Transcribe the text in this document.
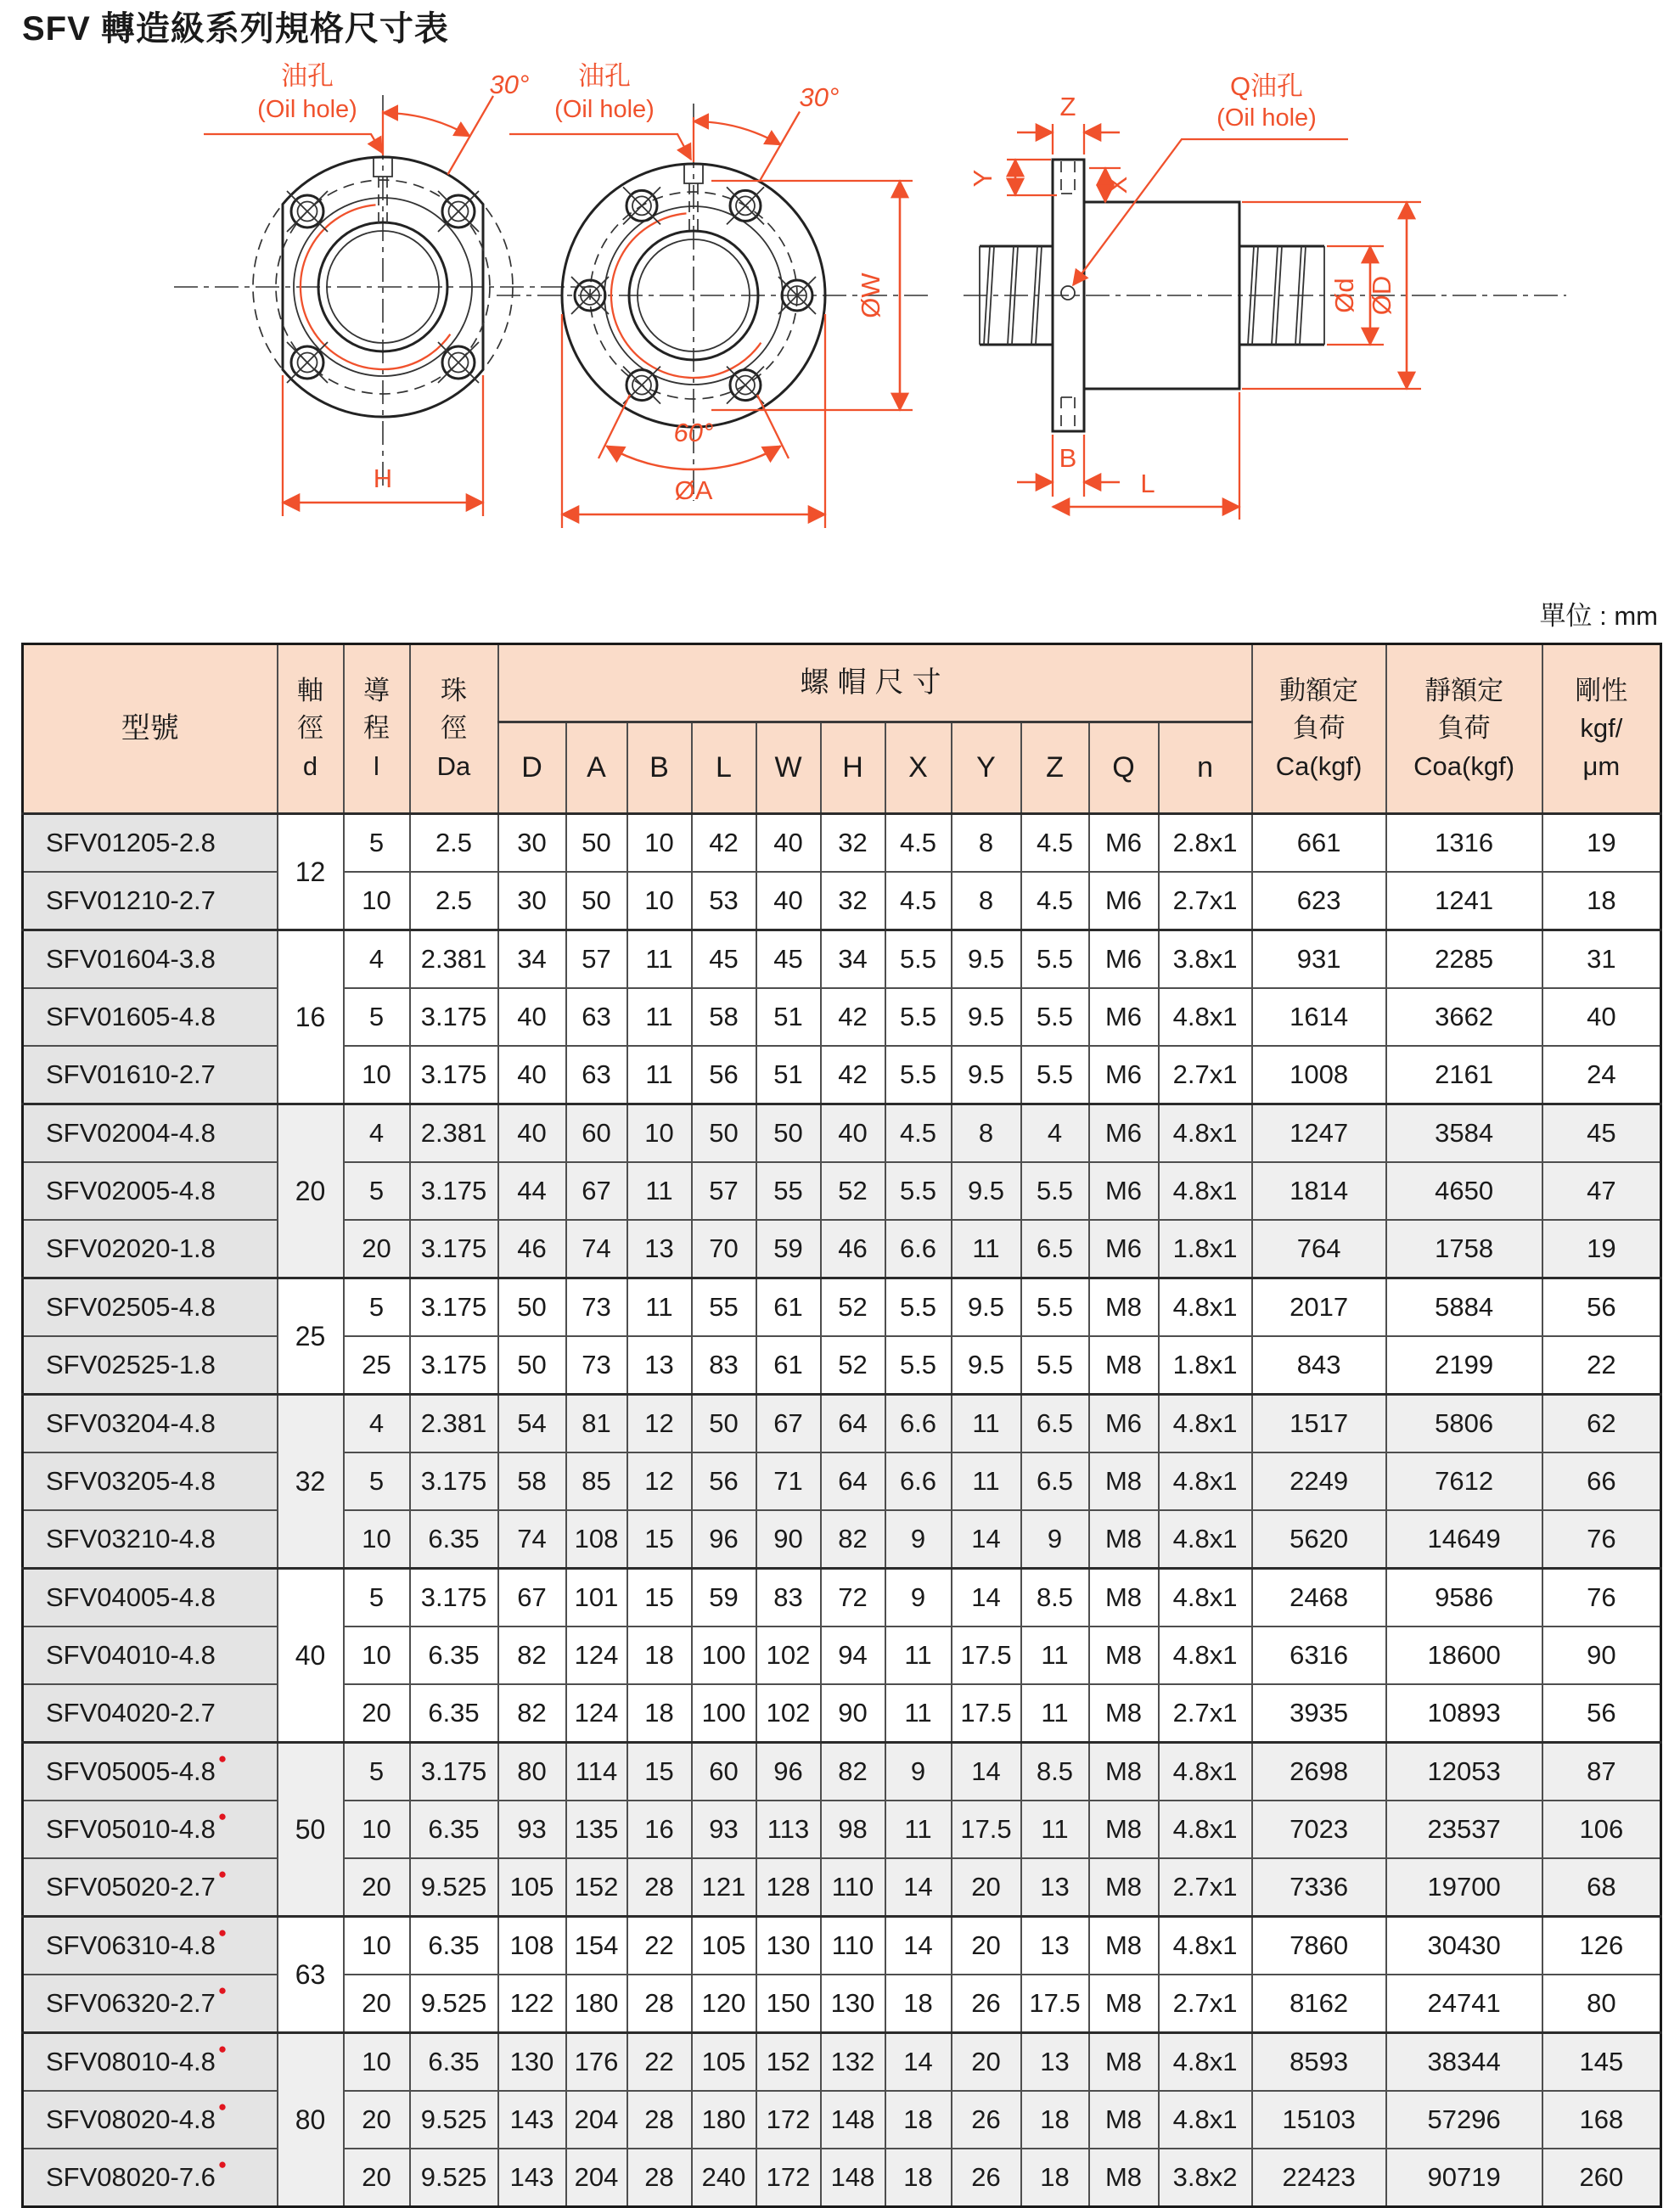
SFV 轉造級系列規格尺寸表
油孔
(Oil hole)
30°
H
油孔
(Oil hole)	30°
ØW
60°
ØA
Q油孔
(Oil hole)
Z
Y	X
Ød ØD
B
L
單位 : mm
型號	
軸
徑
d

導
程
l

珠
徑
Da
	螺帽尺寸	動額定
負荷
Ca(kgf)

靜額定
負荷
Coa(kgf)

剛性
kgf/
μm

				D	A	B	L	W	H	X	Y	Z	Q	n			
SFV01205-2.8	12	5	2.5	30	50	10	42	40	32	4.5	8	4.5	M6	2.8x1	661	1316	19
SFV01210-2.7		10	2.5	30	50	10	53	40	32	4.5	8	4.5	M6	2.7x1	623	1241	18
SFV01604-3.8	16	4	2.381	34	57	11	45	45	34	5.5	9.5	5.5	M6	3.8x1	931	2285	31
SFV01605-4.8		5	3.175	40	63	11	58	51	42	5.5	9.5	5.5	M6	4.8x1	1614	3662	40
SFV01610-2.7		10	3.175	40	63	11	56	51	42	5.5	9.5	5.5	M6	2.7x1	1008	2161	24
SFV02004-4.8	20	4	2.381	40	60	10	50	50	40	4.5	8	4	M6	4.8x1	1247	3584	45
SFV02005-4.8		5	3.175	44	67	11	57	55	52	5.5	9.5	5.5	M6	4.8x1	1814	4650	47
SFV02020-1.8		20	3.175	46	74	13	70	59	46	6.6	11	6.5	M6	1.8x1	764	1758	19
SFV02505-4.8	25	5	3.175	50	73	11	55	61	52	5.5	9.5	5.5	M8	4.8x1	2017	5884	56
SFV02525-1.8		25	3.175	50	73	13	83	61	52	5.5	9.5	5.5	M8	1.8x1	843	2199	22
SFV03204-4.8	32	4	2.381	54	81	12	50	67	64	6.6	11	6.5	M6	4.8x1	1517	5806	62
SFV03205-4.8		5	3.175	58	85	12	56	71	64	6.6	11	6.5	M8	4.8x1	2249	7612	66
SFV03210-4.8		10	6.35	74	108	15	96	90	82	9	14	9	M8	4.8x1	5620	14649	76
SFV04005-4.8	40	5	3.175	67	101	15	59	83	72	9	14	8.5	M8	4.8x1	2468	9586	76
SFV04010-4.8		10	6.35	82	124	18	100	102	94	11	17.5	11	M8	4.8x1	6316	18600	90
SFV04020-2.7		20	6.35	82	124	18	100	102	90	11	17.5	11	M8	2.7x1	3935	10893	56
SFV05005-4.8 ●	50	5	3.175	80	114	15	60	96	82	9	14	8.5	M8	4.8x1	2698	12053	87
SFV05010-4.8 ●		10	6.35	93	135	16	93	113	98	11	17.5	11	M8	4.8x1	7023	23537	106
SFV05020-2.7 ●		20	9.525	105	152	28	121	128	110	14	20	13	M8	2.7x1	7336	19700	68
SFV06310-4.8 ●	63	10	6.35	108	154	22	105	130	110	14	20	13	M8	4.8x1	7860	30430	126
SFV06320-2.7 ●		20	9.525	122	180	28	120	150	130	18	26	17.5	M8	2.7x1	8162	24741	80
SFV08010-4.8 ●	80	10	6.35	130	176	22	105	152	132	14	20	13	M8	4.8x1	8593	38344	145
SFV08020-4.8 ●		20	9.525	143	204	28	180	172	148	18	26	18	M8	4.8x1	15103	57296	168
SFV08020-7.6 ●		20	9.525	143	204	28	240	172	148	18	26	18	M8	3.8x2	22423	90719	260
